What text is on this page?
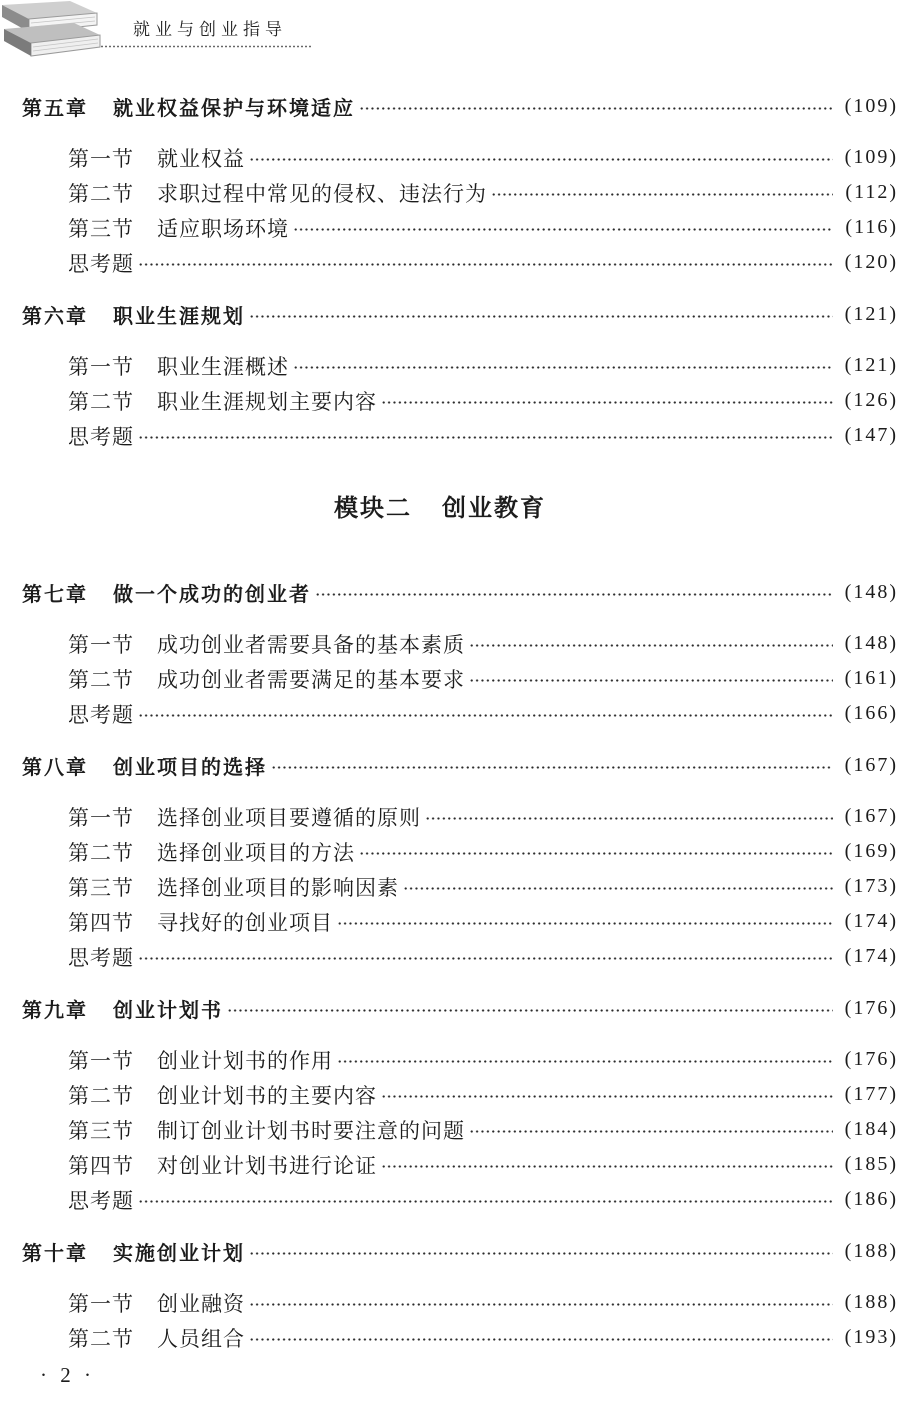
就业与创业指导
第五章	就业权益保护与环境适应	(109)
第一节	就业权益	(109)
第二节	求职过程中常见的侵权、违法行为	(112)
第三节	适应职场环境	(116)
思考题	(120)
第六章	职业生涯规划	(121)
第一节	职业生涯概述	(121)
第二节	职业生涯规划主要内容	(126)
思考题	(147)
模块二 创业教育
第七章	做一个成功的创业者	(148)
第一节	成功创业者需要具备的基本素质	(148)
第二节	成功创业者需要满足的基本要求	(161)
思考题	(166)
第八章	创业项目的选择	(167)
第一节	选择创业项目要遵循的原则	(167)
第二节	选择创业项目的方法	(169)
第三节	选择创业项目的影响因素	(173)
第四节	寻找好的创业项目	(174)
思考题	(174)
第九章	创业计划书	(176)
第一节	创业计划书的作用	(176)
第二节	创业计划书的主要内容	(177)
第三节	制订创业计划书时要注意的问题	(184)
第四节	对创业计划书进行论证	(185)
思考题	(186)
第十章	实施创业计划	(188)
第一节	创业融资	(188)
第二节	人员组合	(193)
· 2 ·
